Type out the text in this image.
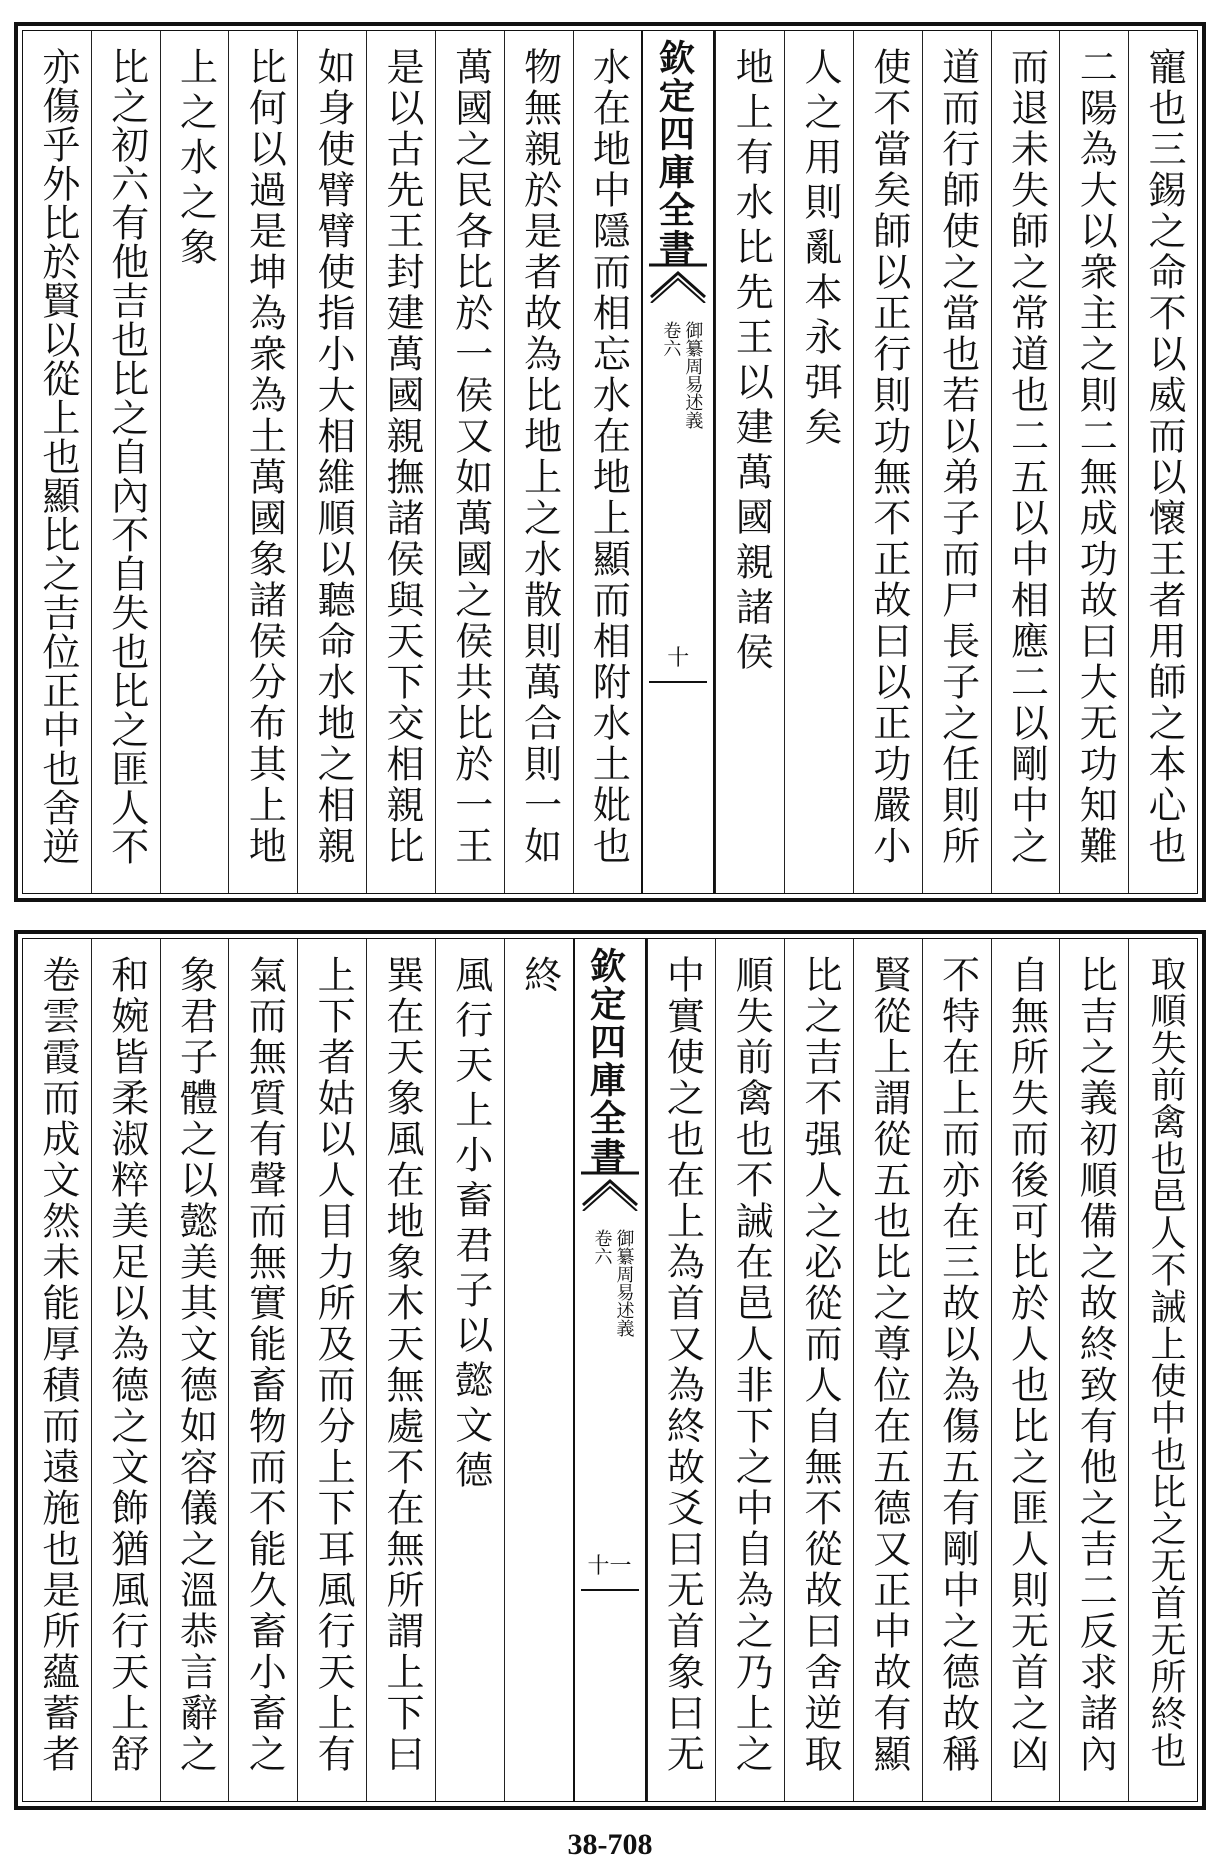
寵也三錫之命不以威而以懷王者用師之本心也
二陽為大以衆主之則二無成功故曰大无功知難
而退未失師之常道也二五以中相應二以剛中之
道而行師使之當也若以弟子而尸長子之任則所
使不當矣師以正行則功無不正故曰以正功嚴小
人之用則亂本永弭矣
地上有水比先王以建萬國親諸侯
欽定四庫全書
御纂周易述義
卷六
十
水在地中隱而相忘水在地上顯而相附水土妣也
物無親於是者故為比地上之水散則萬合則一如
萬國之民各比於一侯又如萬國之侯共比於一王
是以古先王封建萬國親撫諸侯與天下交相親比
如身使臂臂使指小大相維順以聽命水地之相親
比何以過是坤為衆為土萬國象諸侯分布其上地
上之水之象
比之初六有他吉也比之自內不自失也比之匪人不
亦傷乎外比於賢以從上也顯比之吉位正中也舍逆
取順失前禽也邑人不誡上使中也比之无首无所終也
比吉之義初順備之故終致有他之吉二反求諸內
自無所失而後可比於人也比之匪人則无首之凶
不特在上而亦在三故以為傷五有剛中之德故稱
賢從上謂從五也比之尊位在五德又正中故有顯
比之吉不强人之必從而人自無不從故曰舍逆取
順失前禽也不誡在邑人非下之中自為之乃上之
中實使之也在上為首又為終故爻曰无首象曰无
欽定四庫全書
御纂周易述義
卷六
十一
終
風行天上小畜君子以懿文德
巽在天象風在地象木天無處不在無所謂上下曰
上下者姑以人目力所及而分上下耳風行天上有
氣而無質有聲而無實能畜物而不能久畜小畜之
象君子體之以懿美其文德如容儀之溫恭言辭之
和婉皆柔淑粹美足以為德之文飾猶風行天上舒
卷雲霞而成文然未能厚積而遠施也是所蘊蓄者
38-708
